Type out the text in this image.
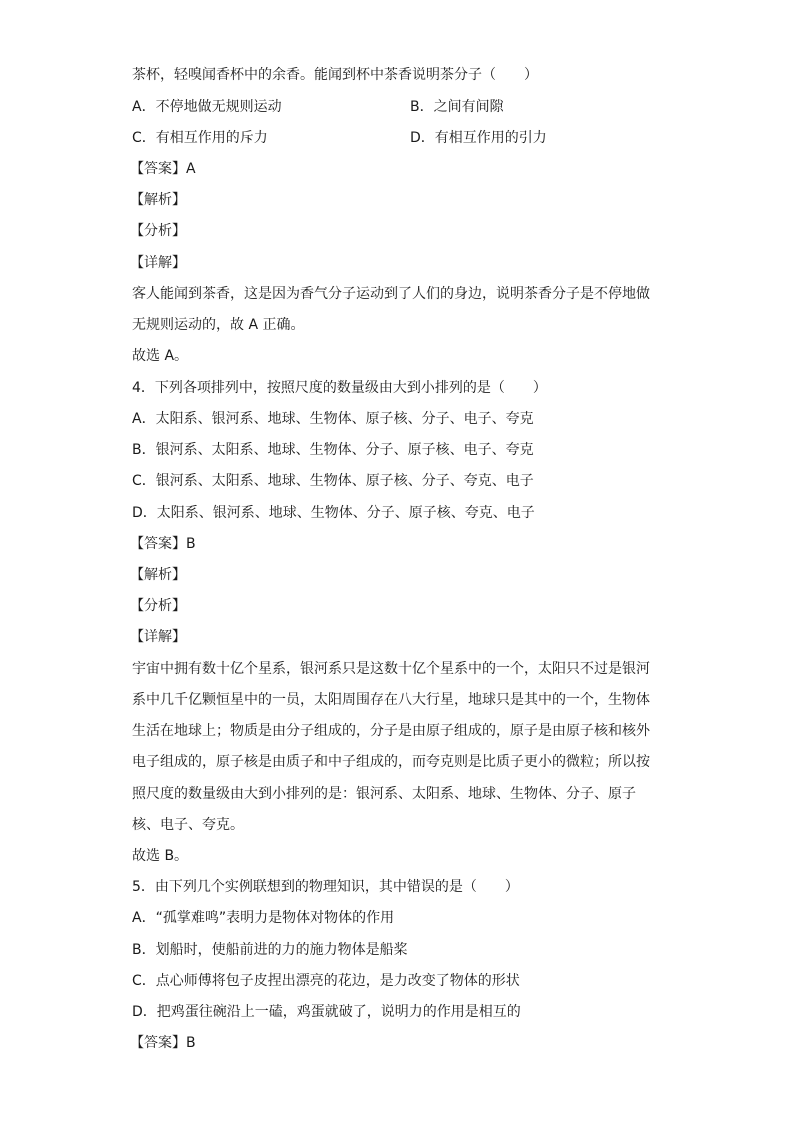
茶杯，轻嗅闻香杯中的余香。能闻到杯中茶香说明茶分子（　　）
A．不停地做无规则运动	B．之间有间隙
C．有相互作用的斥力	D．有相互作用的引力
【答案】A
【解析】
【分析】
【详解】
客人能闻到茶香，这是因为香气分子运动到了人们的身边，说明茶香分子是不停地做
无规则运动的，故 A 正确。
故选 A。
4．下列各项排列中，按照尺度的数量级由大到小排列的是（　　）
A．太阳系、银河系、地球、生物体、原子核、分子、电子、夸克
B．银河系、太阳系、地球、生物体、分子、原子核、电子、夸克
C．银河系、太阳系、地球、生物体、原子核、分子、夸克、电子
D．太阳系、银河系、地球、生物体、分子、原子核、夸克、电子
【答案】B
【解析】
【分析】
【详解】
宇宙中拥有数十亿个星系，银河系只是这数十亿个星系中的一个，太阳只不过是银河
系中几千亿颗恒星中的一员，太阳周围存在八大行星，地球只是其中的一个，生物体
生活在地球上；物质是由分子组成的，分子是由原子组成的，原子是由原子核和核外
电子组成的，原子核是由质子和中子组成的，而夸克则是比质子更小的微粒；所以按
照尺度的数量级由大到小排列的是：银河系、太阳系、地球、生物体、分子、原子
核、电子、夸克。
故选 B。
5．由下列几个实例联想到的物理知识，其中错误的是（　　）
A．“孤掌难鸣”表明力是物体对物体的作用
B．划船时，使船前进的力的施力物体是船桨
C．点心师傅将包子皮捏出漂亮的花边，是力改变了物体的形状
D．把鸡蛋往碗沿上一磕，鸡蛋就破了，说明力的作用是相互的
【答案】B
